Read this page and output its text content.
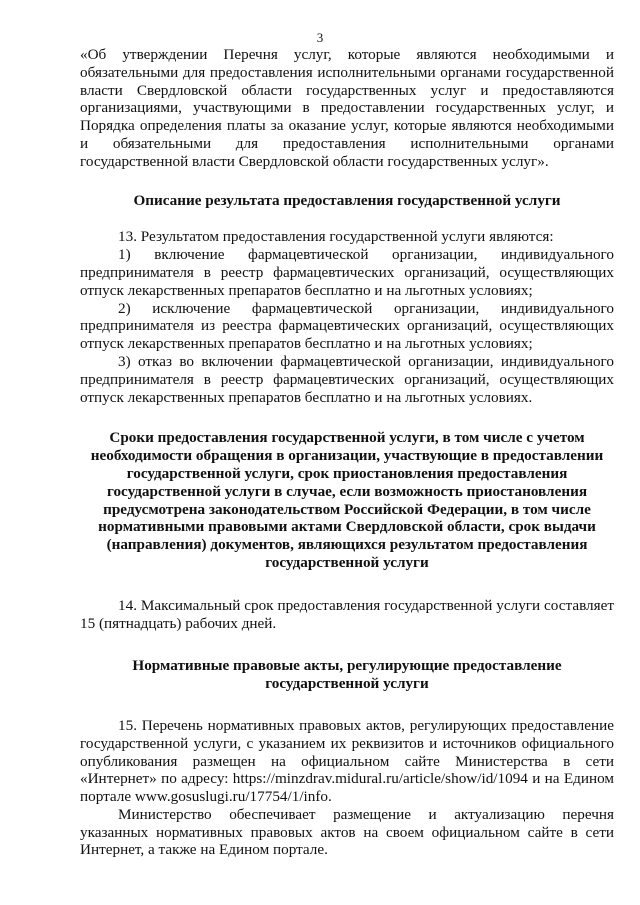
3

«Об утверждении Перечня услуг, которые являются необходимыми и обязательными для предоставления исполнительными органами государственной власти Свердловской области государственных услуг и предоставляются организациями, участвующими в предоставлении государственных услуг, и Порядка определения платы за оказание услуг, которые являются необходимыми и обязательными для предоставления исполнительными органами государственной власти Свердловской области государственных услуг».

Описание результата предоставления государственной услуги

13. Результатом предоставления государственной услуги являются:

1) включение фармацевтической организации, индивидуального предпринимателя в реестр фармацевтических организаций, осуществляющих отпуск лекарственных препаратов бесплатно и на льготных условиях;

2) исключение фармацевтической организации, индивидуального предпринимателя из реестра фармацевтических организаций, осуществляющих отпуск лекарственных препаратов бесплатно и на льготных условиях;

3) отказ во включении фармацевтической организации, индивидуального предпринимателя в реестр фармацевтических организаций, осуществляющих отпуск лекарственных препаратов бесплатно и на льготных условиях.

Сроки предоставления государственной услуги, в том числе с учетом необходимости обращения в организации, участвующие в предоставлении государственной услуги, срок приостановления предоставления государственной услуги в случае, если возможность приостановления предусмотрена законодательством Российской Федерации, в том числе нормативными правовыми актами Свердловской области, срок выдачи (направления) документов, являющихся результатом предоставления государственной услуги

14. Максимальный срок предоставления государственной услуги составляет 15 (пятнадцать) рабочих дней.

Нормативные правовые акты, регулирующие предоставление государственной услуги

15. Перечень нормативных правовых актов, регулирующих предоставление государственной услуги, с указанием их реквизитов и источников официального опубликования размещен на официальном сайте Министерства в сети «Интернет» по адресу: https://minzdrav.midural.ru/article/show/id/1094 и на Едином портале www.gosuslugi.ru/17754/1/info.

Министерство обеспечивает размещение и актуализацию перечня указанных нормативных правовых актов на своем официальном сайте в сети Интернет, а также на Едином портале.
